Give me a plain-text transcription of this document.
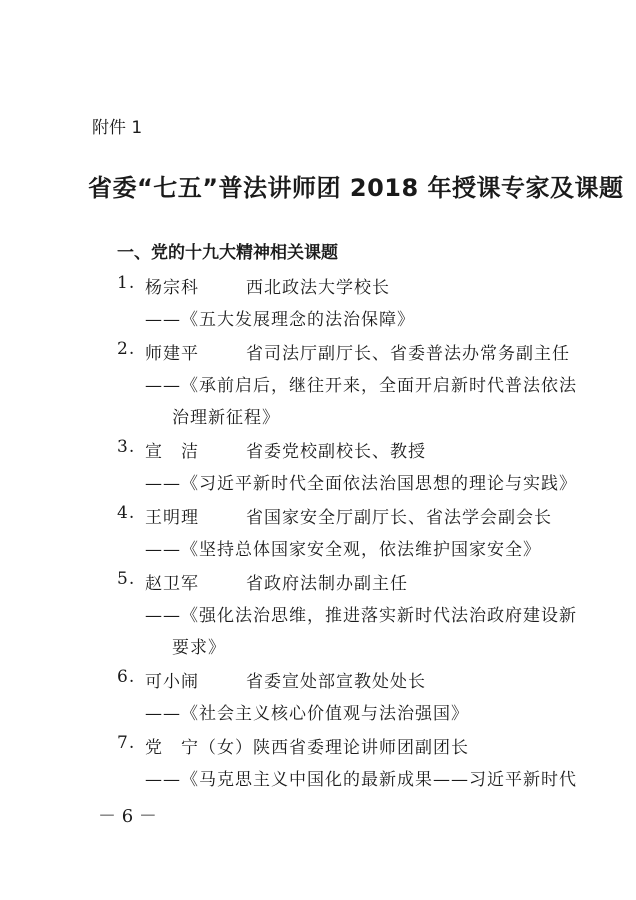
附件 1
省委“七五”普法讲师团 2018 年授课专家及课题
一、党的十九大精神相关课题
1. 杨宗科	西北政法大学校长
——《五大发展理念的法治保障》
2. 师建平	省司法厅副厅长、省委普法办常务副主任
——《承前启后，继往开来，全面开启新时代普法依法
治理新征程》
3. 宣　洁	省委党校副校长、教授
——《习近平新时代全面依法治国思想的理论与实践》
4. 王明理	省国家安全厅副厅长、省法学会副会长
——《坚持总体国家安全观，依法维护国家安全》
5. 赵卫军	省政府法制办副主任
——《强化法治思维，推进落实新时代法治政府建设新
要求》
6. 可小闹	省委宣处部宣教处处长
——《社会主义核心价值观与法治强国》
7. 党　宁（女）陕西省委理论讲师团副团长
——《马克思主义中国化的最新成果——习近平新时代
－ 6 －
